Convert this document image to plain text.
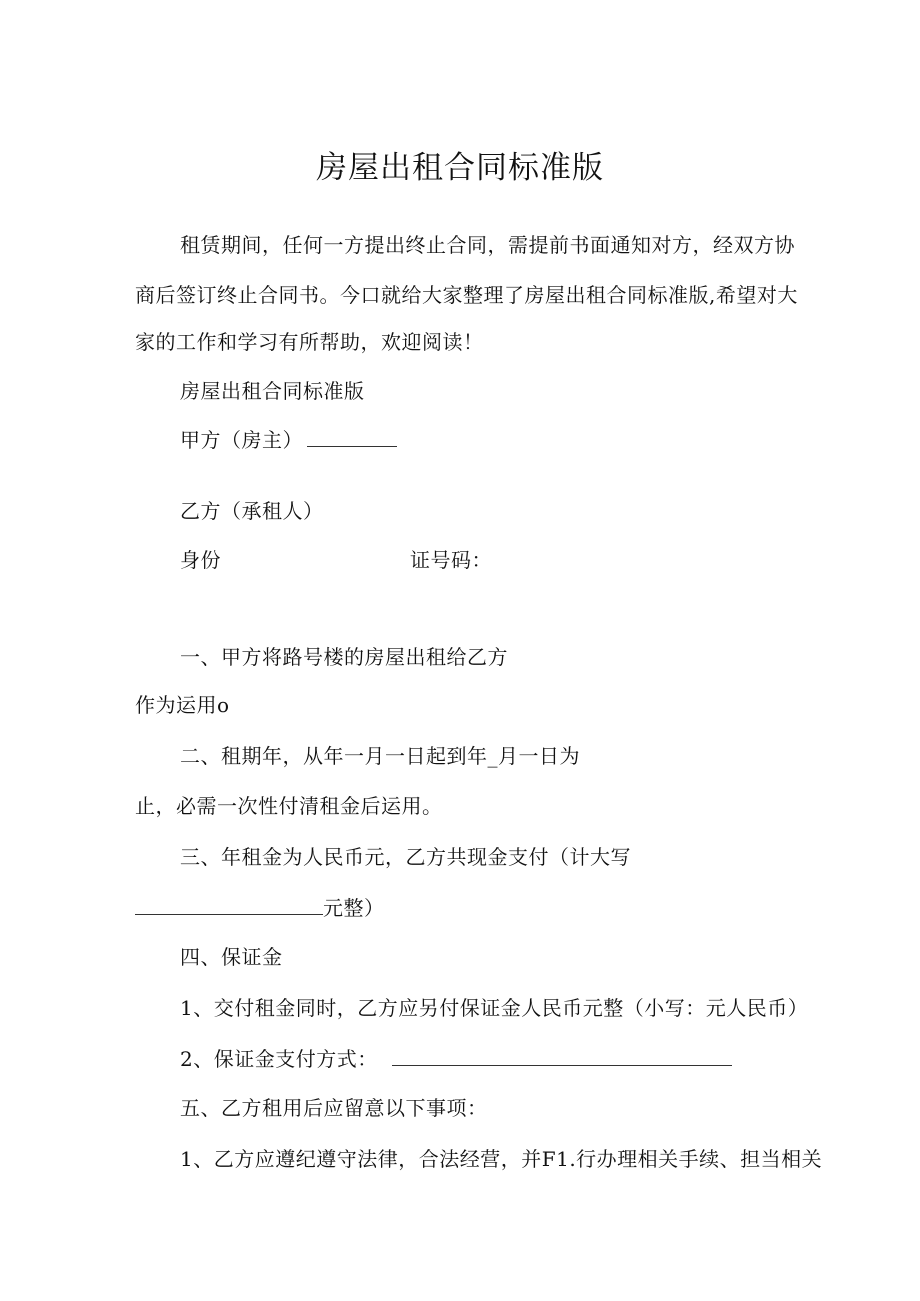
房屋出租合同标准版
租赁期间，任何一方提出终止合同，需提前书面通知对方，经双方协
商后签订终止合同书。今口就给大家整理了房屋出租合同标准版,希望对大
家的工作和学习有所帮助，欢迎阅读！
房屋出租合同标准版
甲方（房主）
乙方（承租人）
身份	证号码：
一、甲方将路号楼的房屋出租给乙方
作为运用o
二、租期年，从年一月一日起到年_月一日为
止，必需一次性付清租金后运用。
三、年租金为人民币元，乙方共现金支付（计大写
元整）
四、保证金
1、交付租金同时，乙方应另付保证金人民币元整（小写：元人民币）
2、保证金支付方式：
五、乙方租用后应留意以下事项：
1、乙方应遵纪遵守法律，合法经营，并F1.行办理相关手续、担当相关
